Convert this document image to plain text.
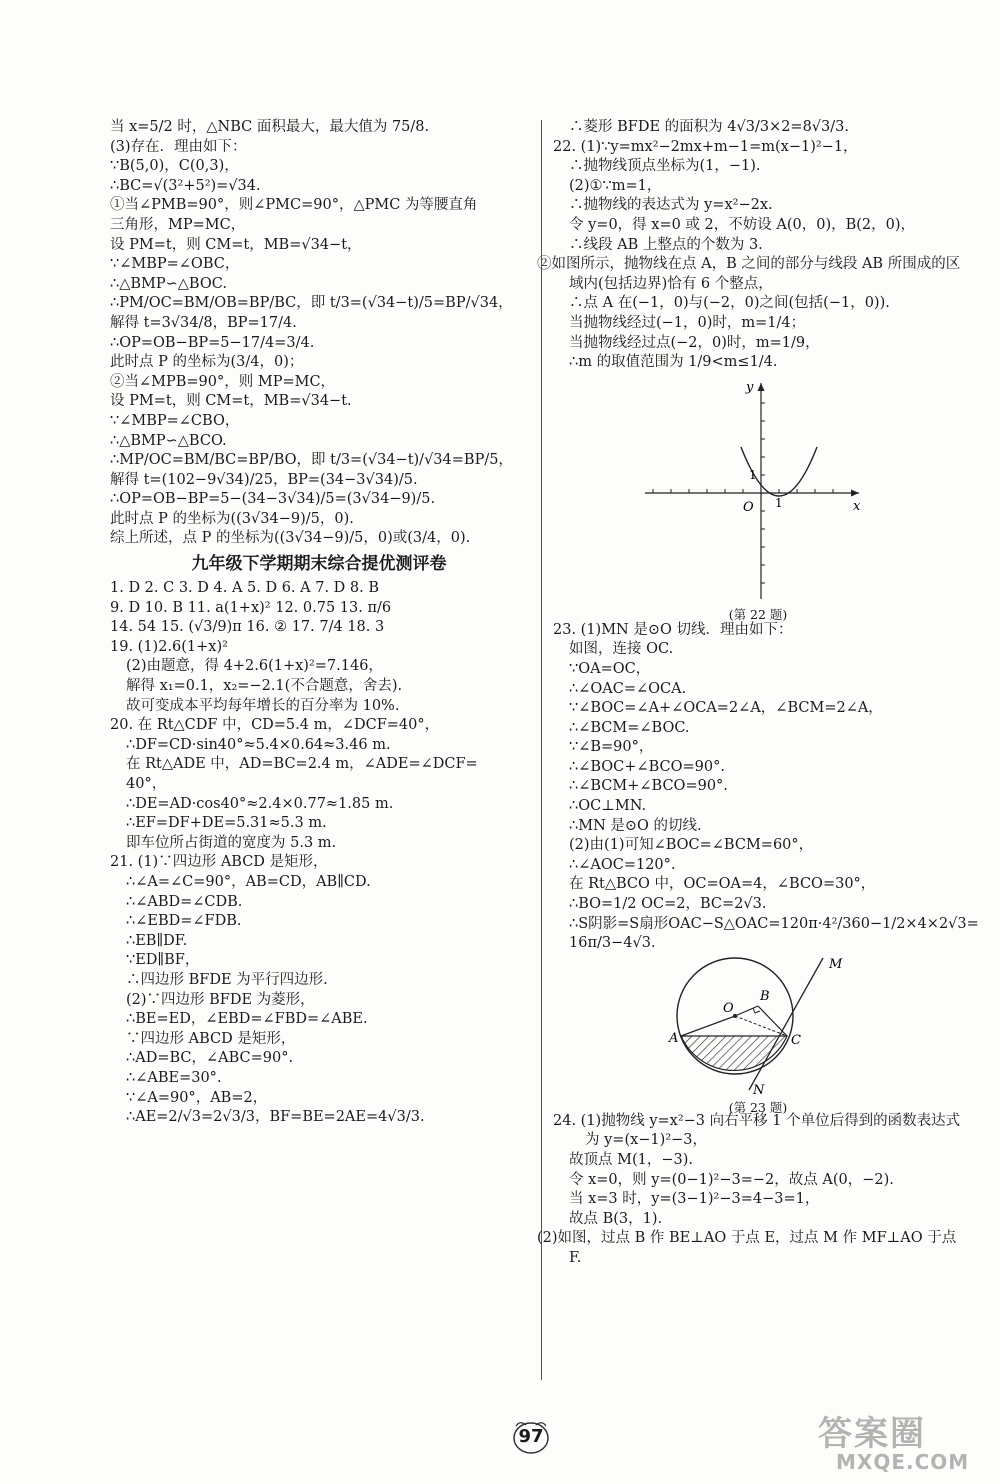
当 x=5/2 时，△NBC 面积最大，最大值为 75/8.
(3)存在．理由如下：
∵B(5,0)，C(0,3)，
∴BC=√(3²+5²)=√34.
①当∠PMB=90°，则∠PMC=90°，△PMC 为等腰直角
三角形，MP=MC，
设 PM=t，则 CM=t，MB=√34−t，
∵∠MBP=∠OBC，
∴△BMP∽△BOC.
∴PM/OC=BM/OB=BP/BC，即 t/3=(√34−t)/5=BP/√34，
解得 t=3√34/8，BP=17/4.
∴OP=OB−BP=5−17/4=3/4.
此时点 P 的坐标为(3/4，0)；
②当∠MPB=90°，则 MP=MC，
设 PM=t，则 CM=t，MB=√34−t.
∵∠MBP=∠CBO，
∴△BMP∽△BCO.
∴MP/OC=BM/BC=BP/BO，即 t/3=(√34−t)/√34=BP/5，
解得 t=(102−9√34)/25，BP=(34−3√34)/5.
∴OP=OB−BP=5−(34−3√34)/5=(3√34−9)/5.
此时点 P 的坐标为((3√34−9)/5，0).
综上所述，点 P 的坐标为((3√34−9)/5，0)或(3/4，0).
九年级下学期期末综合提优测评卷
1. D 2. C 3. D 4. A 5. D 6. A 7. D 8. B
9. D 10. B 11. a(1+x)² 12. 0.75 13. π/6
14. 54 15. (√3/9)π 16. ② 17. 7/4 18. 3
19. (1)2.6(1+x)²
(2)由题意，得 4+2.6(1+x)²=7.146，
解得 x₁=0.1，x₂=−2.1(不合题意，舍去).
故可变成本平均每年增长的百分率为 10%.
20. 在 Rt△CDF 中，CD=5.4 m，∠DCF=40°，
∴DF=CD·sin40°≈5.4×0.64≈3.46 m.
在 Rt△ADE 中，AD=BC=2.4 m，∠ADE=∠DCF=
40°，
∴DE=AD·cos40°≈2.4×0.77≈1.85 m.
∴EF=DF+DE=5.31≈5.3 m.
即车位所占街道的宽度为 5.3 m.
21. (1)∵四边形 ABCD 是矩形，
∴∠A=∠C=90°，AB=CD，AB∥CD.
∴∠ABD=∠CDB.
∴∠EBD=∠FDB.
∴EB∥DF.
∵ED∥BF，
∴四边形 BFDE 为平行四边形.
(2)∵四边形 BFDE 为菱形，
∴BE=ED，∠EBD=∠FBD=∠ABE.
∵四边形 ABCD 是矩形，
∴AD=BC，∠ABC=90°.
∴∠ABE=30°.
∵∠A=90°，AB=2，
∴AE=2/√3=2√3/3，BF=BE=2AE=4√3/3.
∴菱形 BFDE 的面积为 4√3/3×2=8√3/3.
22. (1)∵y=mx²−2mx+m−1=m(x−1)²−1，
∴抛物线顶点坐标为(1，−1).
(2)①∵m=1，
∴抛物线的表达式为 y=x²−2x.
令 y=0，得 x=0 或 2，不妨设 A(0，0)，B(2，0)，
∴线段 AB 上整点的个数为 3.
②如图所示，抛物线在点 A，B 之间的部分与线段 AB 所围成的区域内(包括边界)恰有 6 个整点，
∴点 A 在(−1，0)与(−2，0)之间(包括(−1，0)).
当抛物线经过(−1，0)时，m=1/4；
当抛物线经过点(−2，0)时，m=1/9，
∴m 的取值范围为 1/9<m≤1/4.
y
x
O
1
1
(第 22 题)
23. (1)MN 是⊙O 切线．理由如下：
如图，连接 OC.
∵OA=OC，
∴∠OAC=∠OCA.
∵∠BOC=∠A+∠OCA=2∠A，∠BCM=2∠A，
∴∠BCM=∠BOC.
∵∠B=90°，
∴∠BOC+∠BCO=90°.
∴∠BCM+∠BCO=90°.
∴OC⊥MN.
∴MN 是⊙O 的切线.
(2)由(1)可知∠BOC=∠BCM=60°，
∴∠AOC=120°.
在 Rt△BCO 中，OC=OA=4，∠BCO=30°，
∴BO=1/2 OC=2，BC=2√3.
∴S阴影=S扇形OAC−S△OAC=120π·4²/360−1/2×4×2√3=
16π/3−4√3.
M
N
O
B
A	C
(第 23 题)
24. (1)抛物线 y=x²−3 向右平移 1 个单位后得到的函数表达式为 y=(x−1)²−3，
故顶点 M(1，−3).
令 x=0，则 y=(0−1)²−3=−2，故点 A(0，−2).
当 x=3 时，y=(3−1)²−3=4−3=1，
故点 B(3，1).
(2)如图，过点 B 作 BE⊥AO 于点 E，过点 M 作 MF⊥AO 于点 F.
97	答案圈
MXQE.COM
